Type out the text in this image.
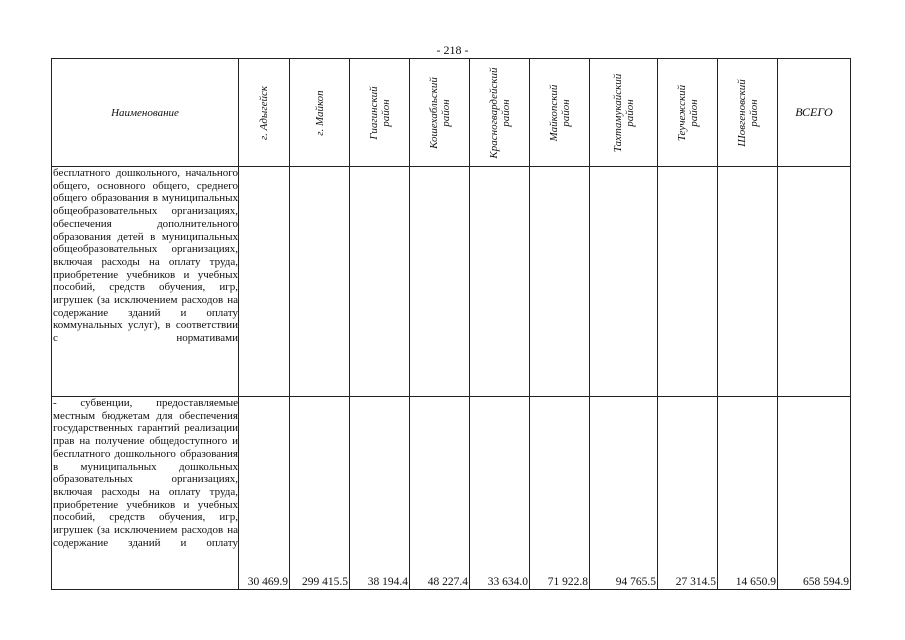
- 218 -
Наименование	г. Адыгейск	г. Майкоп	Гиагинский район	Кошехабльский район	Красногвардейский район	Майкопский район	Тахтамукайский район	Теучежский район	Шовгеновский район	ВСЕГО
бесплатного дошкольного, начального общего, основного общего, среднего общего образования в муниципальных общеобразовательных организациях, обеспечения дополнительного образования детей в муниципальных общеобразовательных организациях, включая расходы на оплату труда, приобретение учебников и учебных пособий, средств обучения, игр, игрушек (за исключением расходов на содержание зданий и оплату коммунальных услуг), в соответствии с нормативами										
- субвенции, предоставляемые местным бюджетам для обеспечения государственных гарантий реализации прав на получение общедоступного и бесплатного дошкольного образования в муниципальных дошкольных образовательных организациях, включая расходы на оплату труда, приобретение учебников и учебных пособий, средств обучения, игр, игрушек (за исключением расходов на содержание зданий и оплату	30 469.9	299 415.5	38 194.4	48 227.4	33 634.0	71 922.8	94 765.5	27 314.5	14 650.9	658 594.9
